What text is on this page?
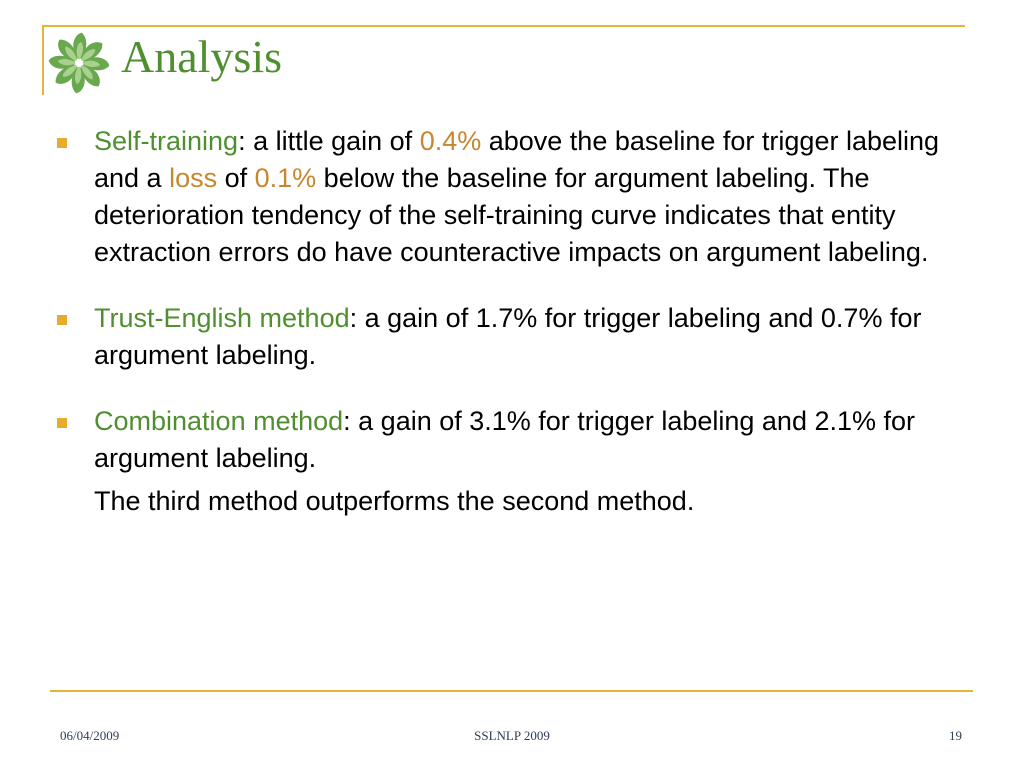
Analysis
Self-training: a little gain of 0.4% above the baseline for trigger labeling and a loss of 0.1% below the baseline for argument labeling. The deterioration tendency of the self-training curve indicates that entity extraction errors do have counteractive impacts on argument labeling.
Trust-English method: a gain of 1.7% for trigger labeling and 0.7% for argument labeling.
Combination method: a gain of 3.1% for trigger labeling and 2.1% for argument labeling.
The third method outperforms the second method.
06/04/2009	SSLNLP 2009	19
